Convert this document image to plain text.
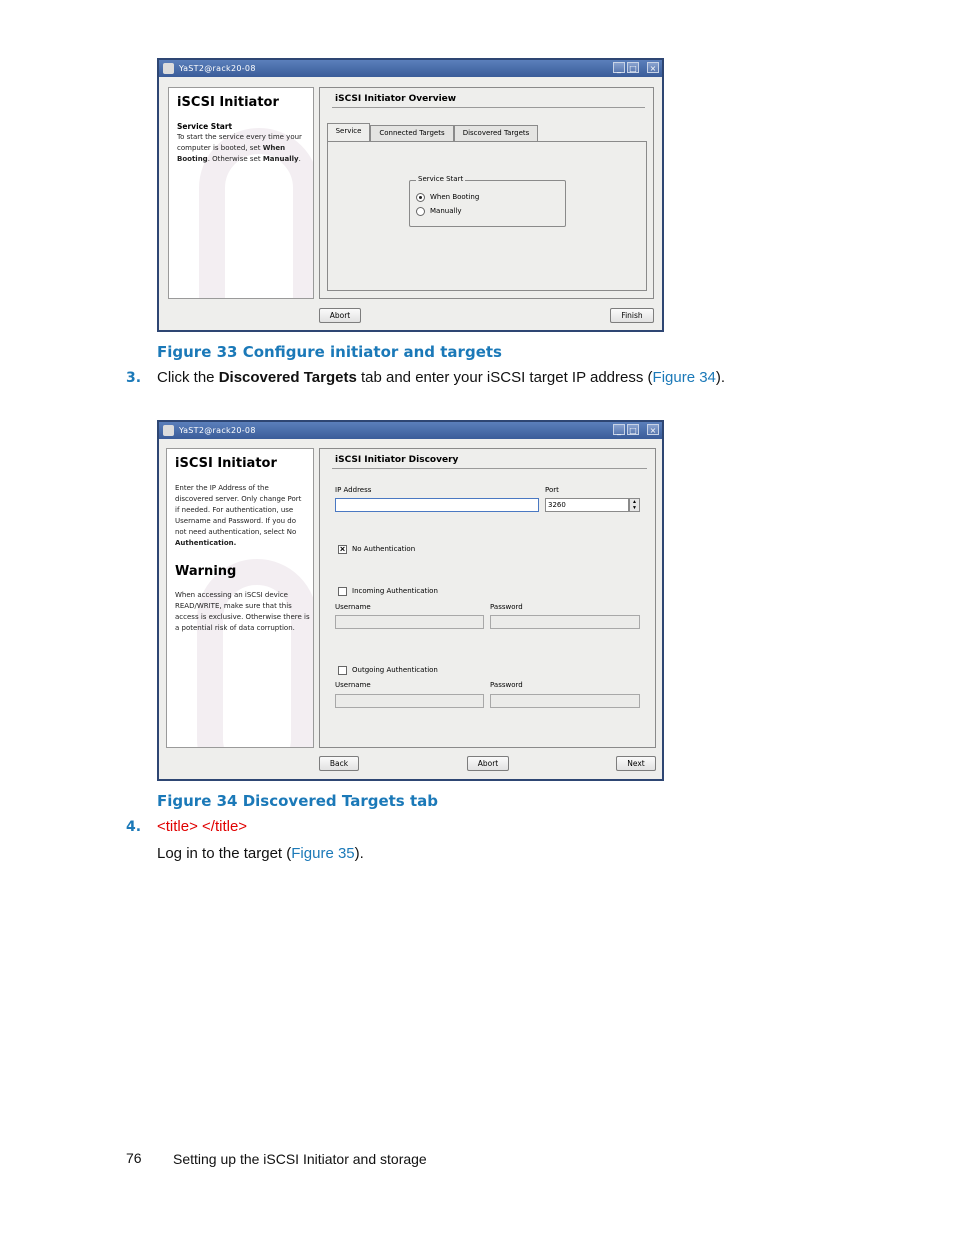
YaST2@rack20-08	_	□	×
iSCSI Initiator
Service Start
To start the service every time your
computer is booted, set When
Booting. Otherwise set Manually.
iSCSI Initiator Overview
Service	Connected Targets	Discovered Targets
Service Start
When Booting
Manually
Abort	Finish
Figure 33 Configure initiator and targets
3. Click the Discovered Targets tab and enter your iSCSI target IP address (Figure 34).
YaST2@rack20-08	_	□	×
iSCSI Initiator
Enter the IP Address of the
discovered server. Only change Port
if needed. For authentication, use
Username and Password. If you do
not need authentication, select No
Authentication.
Warning
When accessing an iSCSI device
READ/WRITE, make sure that this
access is exclusive. Otherwise there is
a potential risk of data corruption.
iSCSI Initiator Discovery
IP Address	Port
3260	▲
▼
× No Authentication
Incoming Authentication
Username	Password
Outgoing Authentication
Username	Password
Back	Abort	Next
Figure 34 Discovered Targets tab
4. <title> </title>
Log in to the target (Figure 35).
76 Setting up the iSCSI Initiator and storage
